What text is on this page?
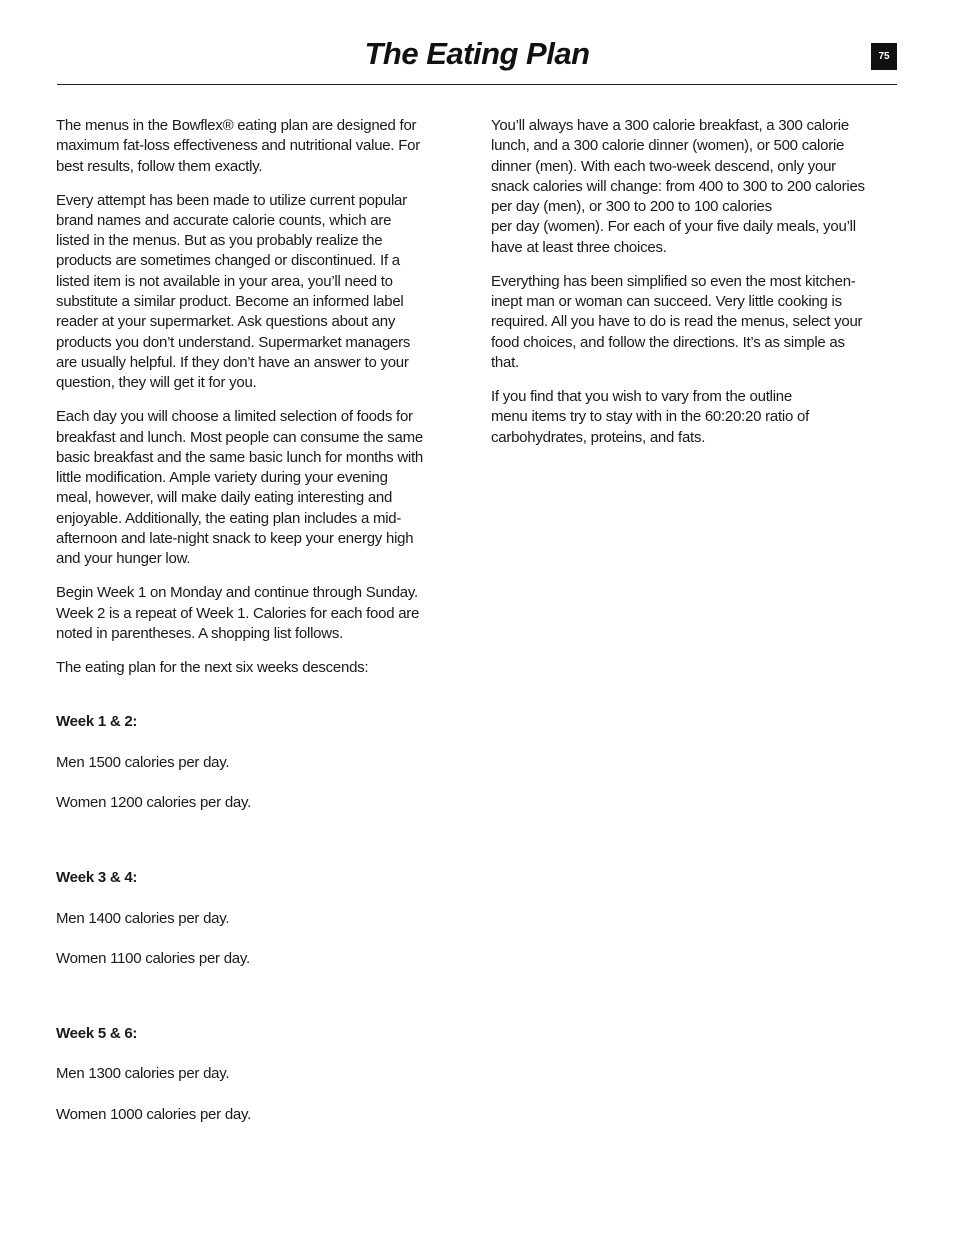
The Eating Plan	75

The menus in the Bowflex® eating plan are designed for
maximum fat-loss effectiveness and nutritional value. For
best results, follow them exactly.

Every attempt has been made to utilize current popular
brand names and accurate calorie counts, which are
listed in the menus. But as you probably realize the
products are sometimes changed or discontinued. If a
listed item is not available in your area, you’ll need to
substitute a similar product. Become an informed label
reader at your supermarket. Ask questions about any
products you don’t understand. Supermarket managers
are usually helpful. If they don’t have an answer to your
question, they will get it for you.

Each day you will choose a limited selection of foods for
breakfast and lunch. Most people can consume the same
basic breakfast and the same basic lunch for months with
little modification. Ample variety during your evening
meal, however, will make daily eating interesting and
enjoyable. Additionally, the eating plan includes a mid-
afternoon and late-night snack to keep your energy high
and your hunger low.

Begin Week 1 on Monday and continue through Sunday.
Week 2 is a repeat of Week 1. Calories for each food are
noted in parentheses. A shopping list follows.

The eating plan for the next six weeks descends:

Week 1 & 2:

Men 1500 calories per day.

Women 1200 calories per day.

Week 3 & 4:

Men 1400 calories per day.

Women 1100 calories per day.

Week 5 & 6:

Men 1300 calories per day.

Women 1000 calories per day.

You’ll always have a 300 calorie breakfast, a 300 calorie
lunch, and a 300 calorie dinner (women), or 500 calorie
dinner (men). With each two-week descend, only your
snack calories will change: from 400 to 300 to 200 calories
per day (men), or 300 to 200 to 100 calories
per day (women). For each of your five daily meals, you’ll
have at least three choices.

Everything has been simplified so even the most kitchen-
inept man or woman can succeed. Very little cooking is
required. All you have to do is read the menus, select your
food choices, and follow the directions. It’s as simple as
that.

If you find that you wish to vary from the outline
menu items try to stay with in the 60:20:20 ratio of
carbohydrates, proteins, and fats.
